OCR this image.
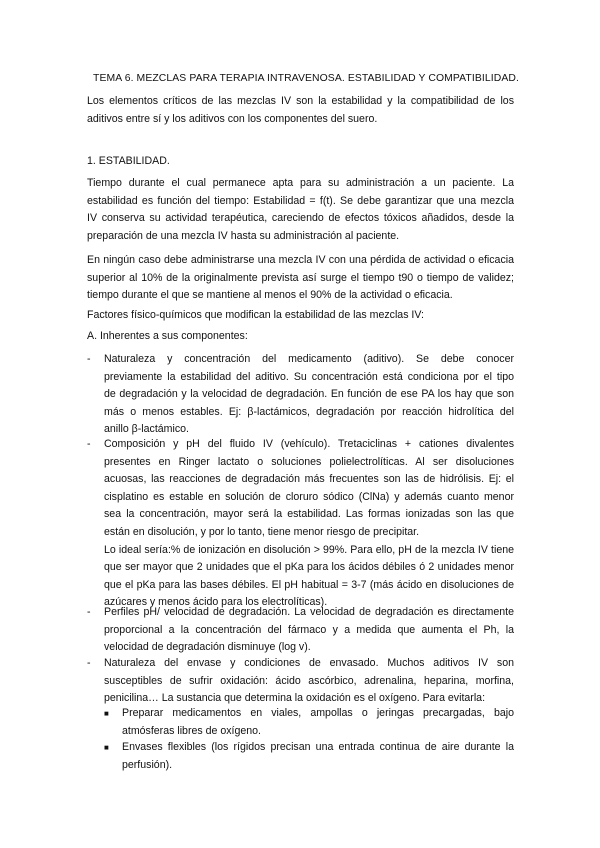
TEMA 6. MEZCLAS PARA TERAPIA INTRAVENOSA. ESTABILIDAD Y COMPATIBILIDAD.

Los elementos críticos de las mezclas IV son la estabilidad y la compatibilidad de los
aditivos entre sí y los aditivos con los componentes del suero.

1. ESTABILIDAD.

Tiempo durante el cual permanece apta para su administración a un paciente. La
estabilidad es función del tiempo: Estabilidad = f(t). Se debe garantizar que una mezcla
IV conserva su actividad terapéutica, careciendo de efectos tóxicos añadidos, desde la
preparación de una mezcla IV hasta su administración al paciente.

En ningún caso debe administrarse una mezcla IV con una pérdida de actividad o eficacia
superior al 10% de la originalmente prevista así surge el tiempo t90 o tiempo de validez;
tiempo durante el que se mantiene al menos el 90% de la actividad o eficacia.

Factores físico-químicos que modifican la estabilidad de las mezclas IV:

A. Inherentes a sus componentes:

- Naturaleza y concentración del medicamento (aditivo). Se debe conocer
previamente la estabilidad del aditivo. Su concentración está condiciona por el tipo
de degradación y la velocidad de degradación. En función de ese PA los hay que son
más o menos estables. Ej: β-lactámicos, degradación por reacción hidrolítica del
anillo β-lactámico.

- Composición y pH del fluido IV (vehículo). Tretaciclinas + cationes divalentes
presentes en Ringer lactato o soluciones polielectrolíticas. Al ser disoluciones
acuosas, las reacciones de degradación más frecuentes son las de hidrólisis. Ej: el
cisplatino es estable en solución de cloruro sódico (ClNa) y además cuanto menor
sea la concentración, mayor será la estabilidad. Las formas ionizadas son las que
están en disolución, y por lo tanto, tiene menor riesgo de precipitar.
Lo ideal sería:% de ionización en disolución > 99%. Para ello, pH de la mezcla IV tiene
que ser mayor que 2 unidades que el pKa para los ácidos débiles ó 2 unidades menor
que el pKa para las bases débiles. El pH habitual = 3-7 (más ácido en disoluciones de
azúcares y menos ácido para los electrolíticas).

- Perfiles pH/ velocidad de degradación. La velocidad de degradación es directamente
proporcional a la concentración del fármaco y a medida que aumenta el Ph, la
velocidad de degradación disminuye (log v).

- Naturaleza del envase y condiciones de envasado. Muchos aditivos IV son
susceptibles de sufrir oxidación: ácido ascórbico, adrenalina, heparina, morfina,
penicilina… La sustancia que determina la oxidación es el oxígeno. Para evitarla:

■ Preparar medicamentos en viales, ampollas o jeringas precargadas, bajo
atmósferas libres de oxígeno.

■ Envases flexibles (los rígidos precisan una entrada continua de aire durante la
perfusión).
